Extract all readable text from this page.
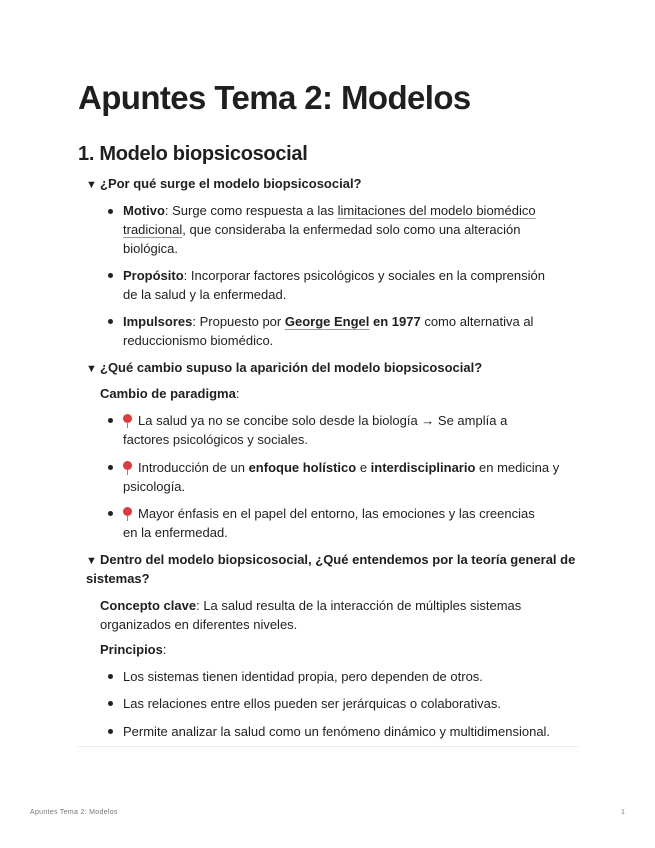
Apuntes Tema 2: Modelos
1. Modelo biopsicosocial
▼ ¿Por qué surge el modelo biopsicosocial?
Motivo: Surge como respuesta a las limitaciones del modelo biomédico
tradicional, que consideraba la enfermedad solo como una alteración
biológica.
Propósito: Incorporar factores psicológicos y sociales en la comprensión
de la salud y la enfermedad.
Impulsores: Propuesto por George Engel en 1977 como alternativa al
reduccionismo biomédico.
▼ ¿Qué cambio supuso la aparición del modelo biopsicosocial?
Cambio de paradigma:
La salud ya no se concibe solo desde la biología → Se amplía a
factores psicológicos y sociales.
Introducción de un enfoque holístico e interdisciplinario en medicina y
psicología.
Mayor énfasis en el papel del entorno, las emociones y las creencias
en la enfermedad.
▼ Dentro del modelo biopsicosocial, ¿Qué entendemos por la teoría general de
sistemas?
Concepto clave: La salud resulta de la interacción de múltiples sistemas
organizados en diferentes niveles.
Principios:
Los sistemas tienen identidad propia, pero dependen de otros.
Las relaciones entre ellos pueden ser jerárquicas o colaborativas.
Permite analizar la salud como un fenómeno dinámico y multidimensional.
Apuntes Tema 2: Modelos	1
